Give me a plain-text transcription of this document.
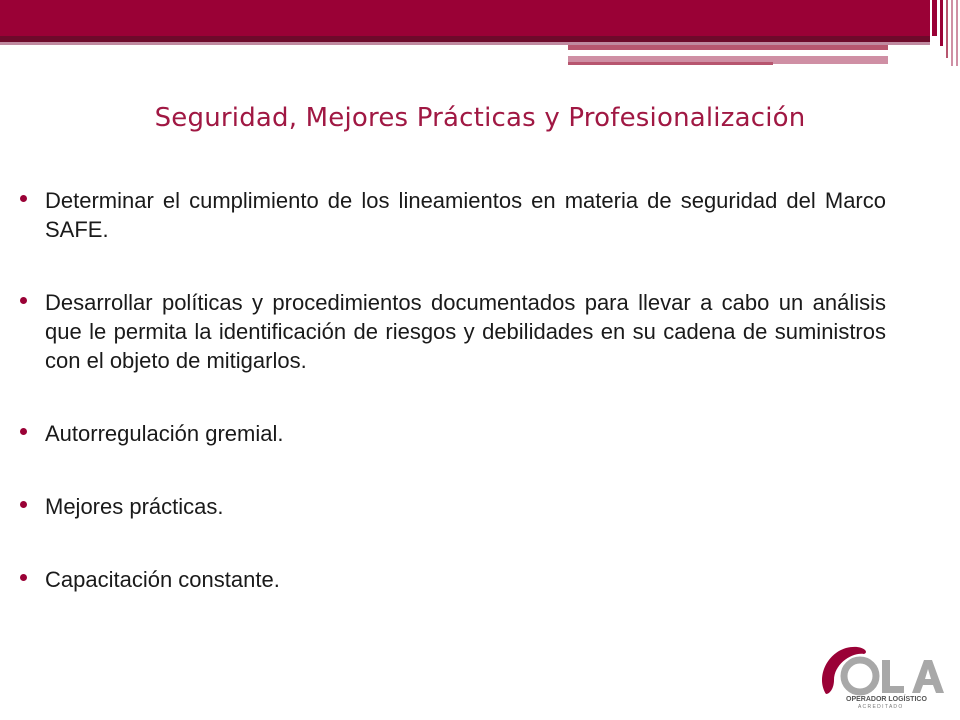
Seguridad, Mejores Prácticas y Profesionalización
Determinar el cumplimiento de los lineamientos en materia de seguridad del Marco SAFE.
Desarrollar políticas y procedimientos documentados para llevar a cabo un análisis que le permita la identificación de riesgos y debilidades en su cadena de suministros con el objeto de mitigarlos.
Autorregulación gremial.
Mejores prácticas.
Capacitación constante.
OPERADOR LOGÍSTICO
A C R E D I T A D O
